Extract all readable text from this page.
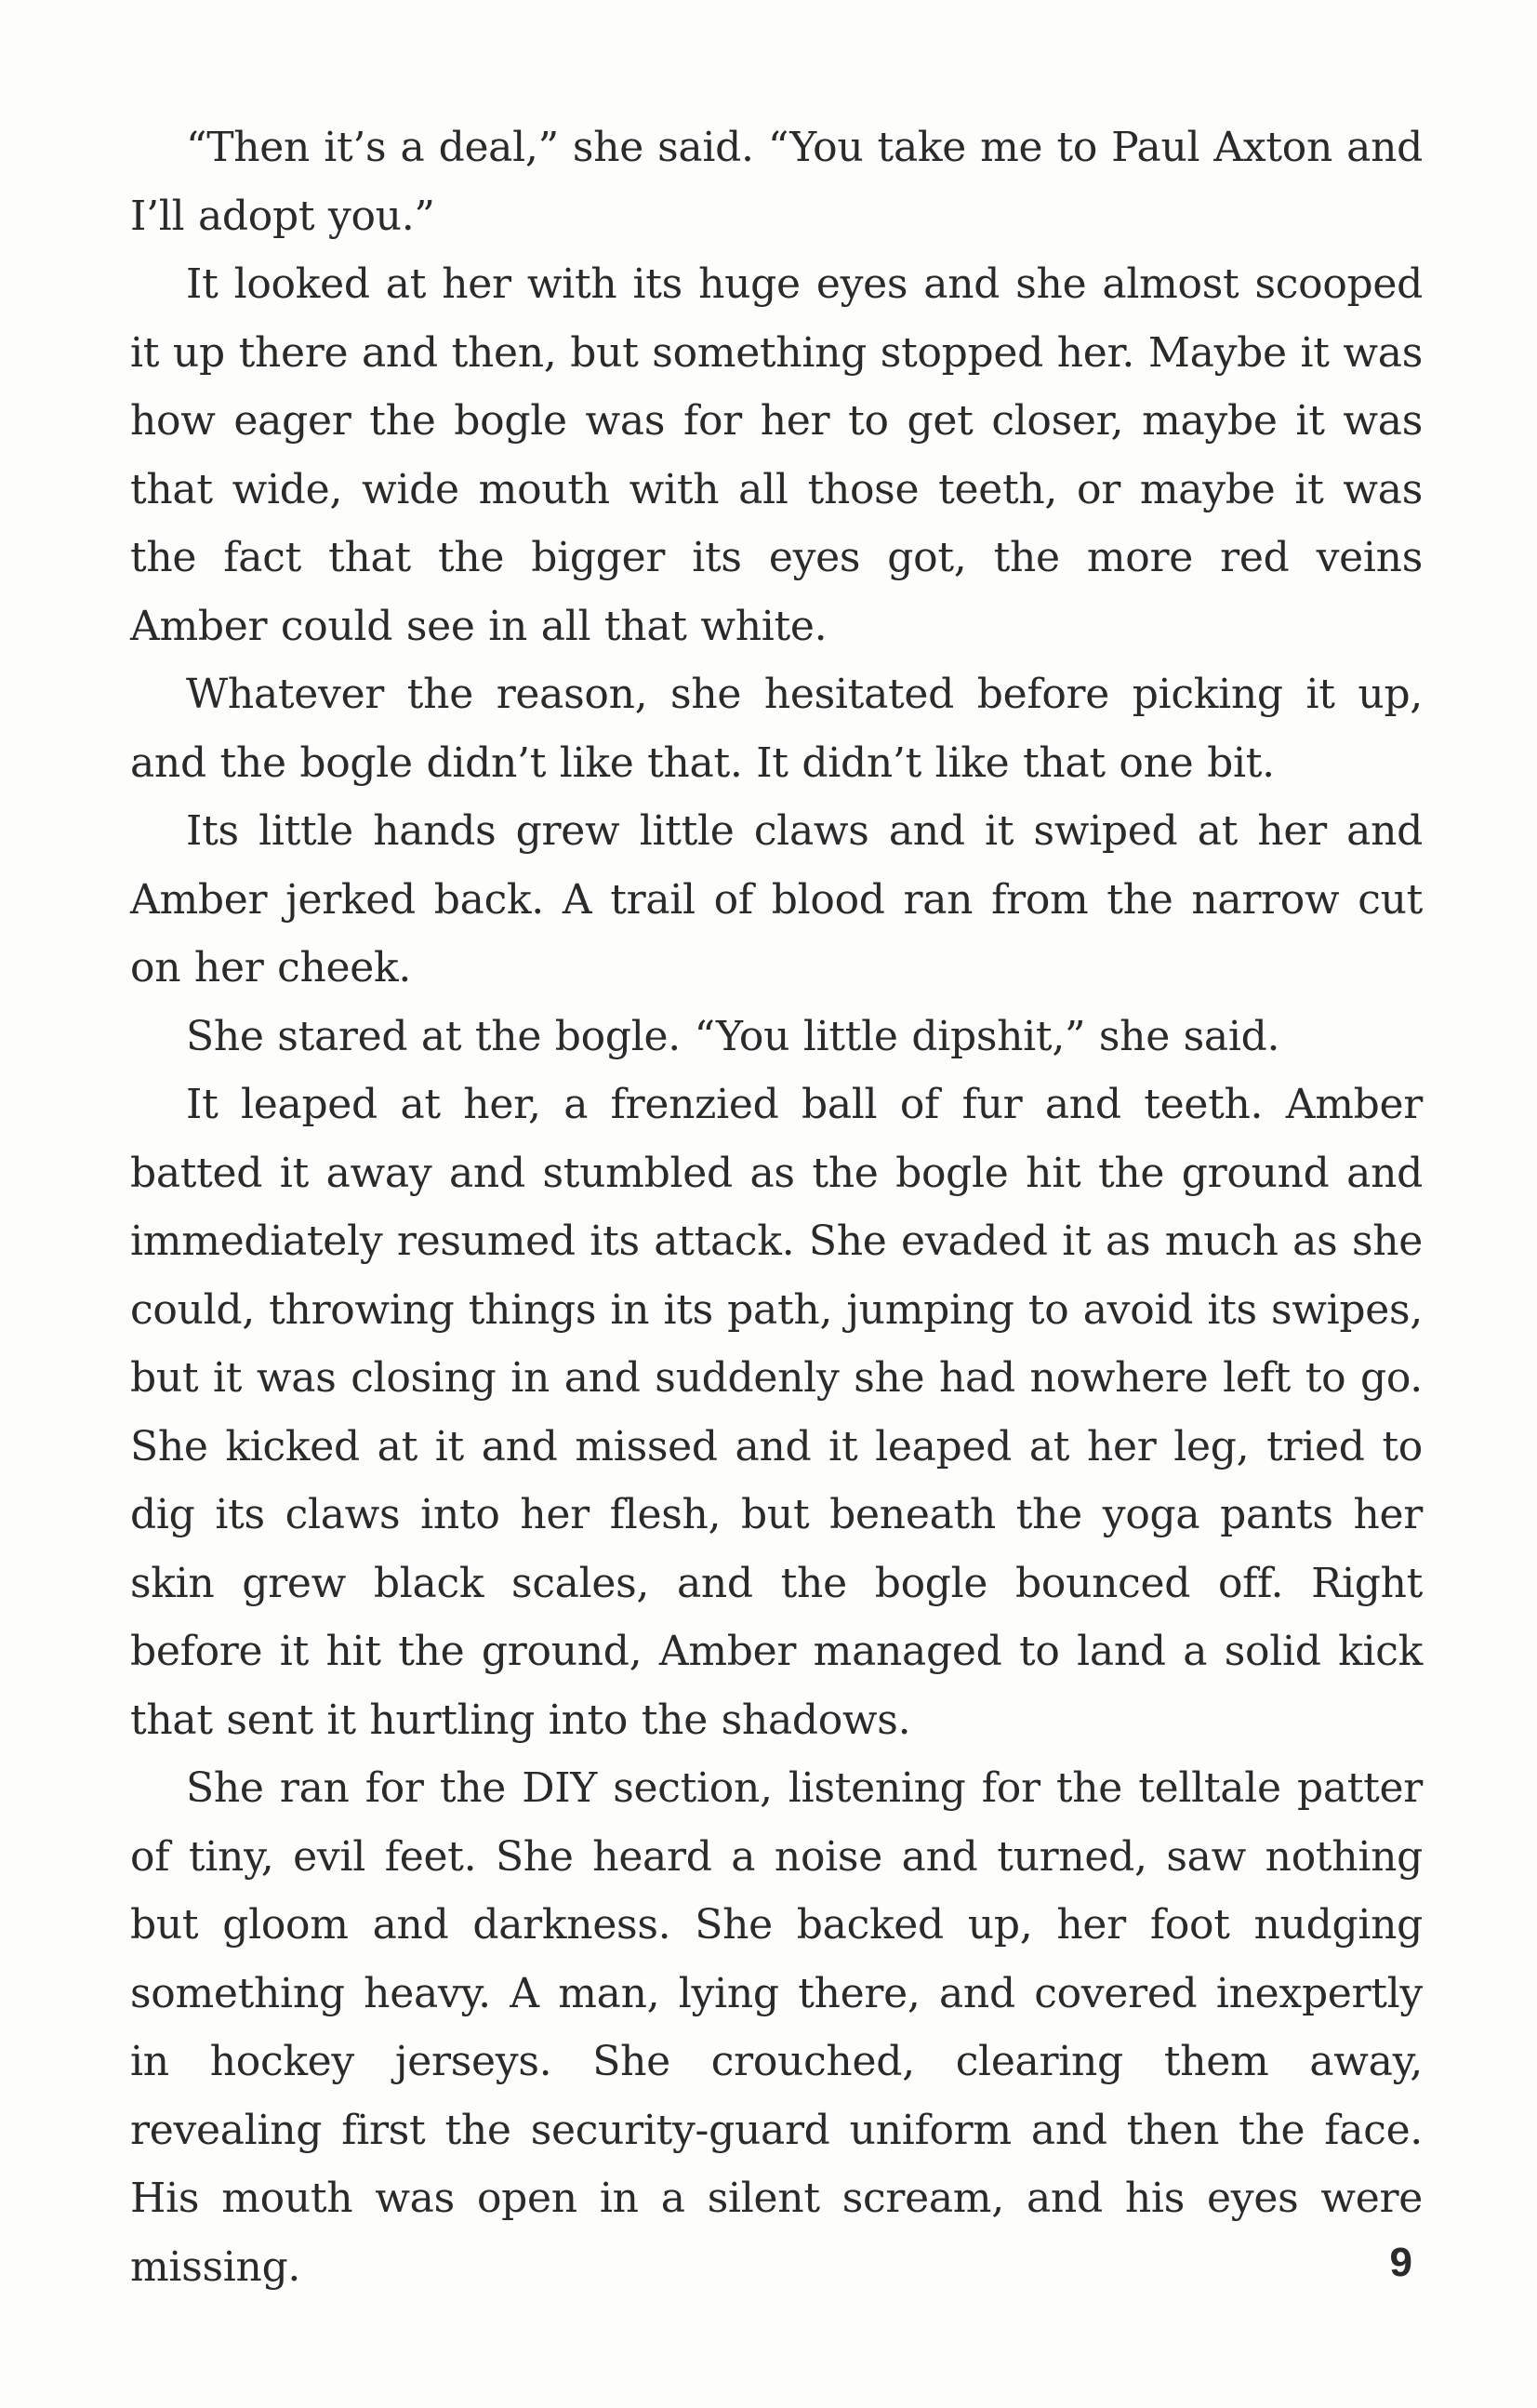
“Then it’s a deal,” she said. “You take me to Paul Axton and I’ll adopt you.”

It looked at her with its huge eyes and she almost scooped it up there and then, but something stopped her. Maybe it was how eager the bogle was for her to get closer, maybe it was that wide, wide mouth with all those teeth, or maybe it was the fact that the bigger its eyes got, the more red veins Amber could see in all that white.

Whatever the reason, she hesitated before picking it up, and the bogle didn’t like that. It didn’t like that one bit.

Its little hands grew little claws and it swiped at her and Amber jerked back. A trail of blood ran from the narrow cut on her cheek.

She stared at the bogle. “You little dipshit,” she said.

It leaped at her, a frenzied ball of fur and teeth. Amber batted it away and stumbled as the bogle hit the ground and immediately resumed its attack. She evaded it as much as she could, throwing things in its path, jumping to avoid its swipes, but it was closing in and suddenly she had nowhere left to go. She kicked at it and missed and it leaped at her leg, tried to dig its claws into her flesh, but beneath the yoga pants her skin grew black scales, and the bogle bounced off. Right before it hit the ground, Amber managed to land a solid kick that sent it hurtling into the shadows.

She ran for the DIY section, listening for the telltale patter of tiny, evil feet. She heard a noise and turned, saw nothing but gloom and darkness. She backed up, her foot nudging something heavy. A man, lying there, and covered inexpertly in hockey jerseys. She crouched, clearing them away, revealing first the security-guard uniform and then the face. His mouth was open in a silent scream, and his eyes were missing.	9
